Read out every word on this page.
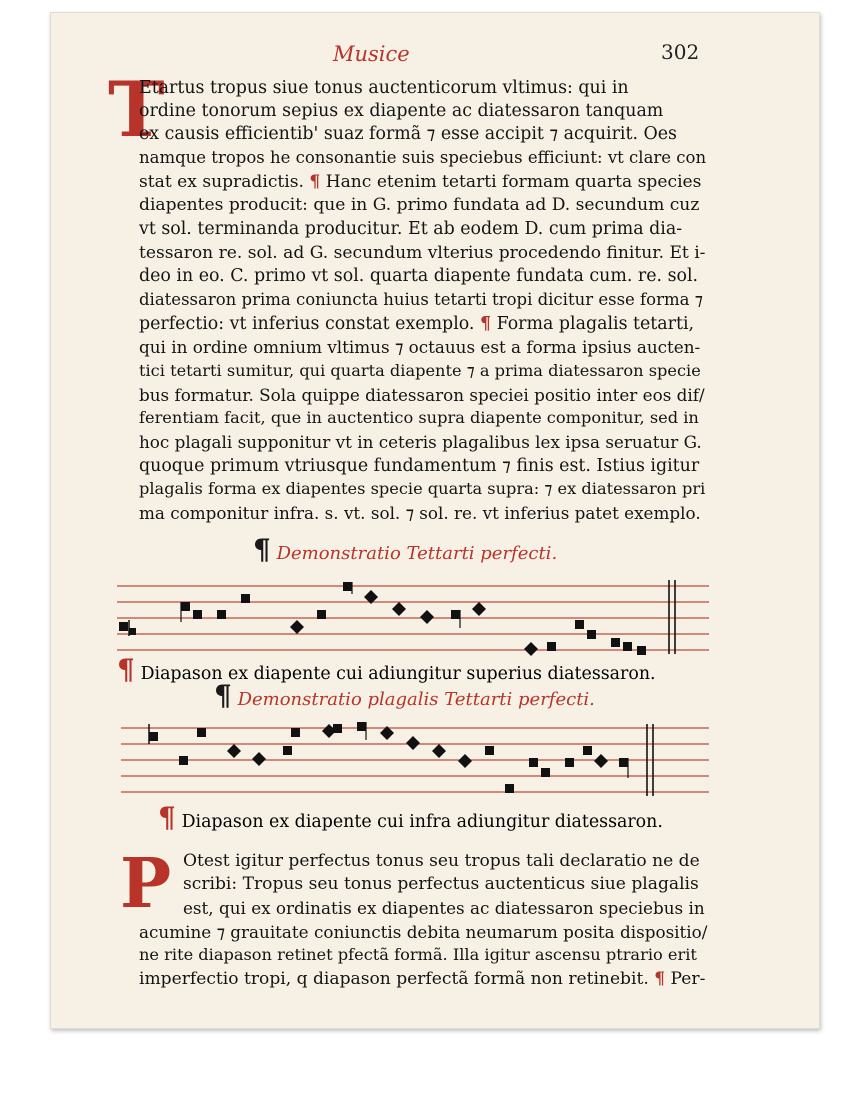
Musice	302
T
Etartus tropus siue tonus auctenticorum vltimus: qui in
ordine tonorum sepius ex diapente ac diatessaron tanquam
ex causis efficientib' suaz formã ⁊ esse accipit ⁊ acquirit. Oes
namque tropos he consonantie suis speciebus efficiunt: vt clare con
stat ex supradictis. ¶ Hanc etenim tetarti formam quarta species
diapentes producit: que in G. primo fundata ad D. secundum cuz
vt sol. terminanda producitur. Et ab eodem D. cum prima dia-
tessaron re. sol. ad G. secundum vlterius procedendo finitur. Et i-
deo in eo. C. primo vt sol. quarta diapente fundata cum. re. sol.
diatessaron prima coniuncta huius tetarti tropi dicitur esse forma ⁊
perfectio: vt inferius constat exemplo. ¶ Forma plagalis tetarti,
qui in ordine omnium vltimus ⁊ octauus est a forma ipsius aucten-
tici tetarti sumitur, qui quarta diapente ⁊ a prima diatessaron specie
bus formatur. Sola quippe diatessaron speciei positio inter eos dif/
ferentiam facit, que in auctentico supra diapente componitur, sed in
hoc plagali supponitur vt in ceteris plagalibus lex ipsa seruatur G.
quoque primum vtriusque fundamentum ⁊ finis est. Istius igitur
plagalis forma ex diapentes specie quarta supra: ⁊ ex diatessaron pri
ma componitur infra. s. vt. sol. ⁊ sol. re. vt inferius patet exemplo.
¶ Demonstratio Tettarti perfecti.
¶ Diapason ex diapente cui adiungitur superius diatessaron.
¶ Demonstratio plagalis Tettarti perfecti.
¶ Diapason ex diapente cui infra adiungitur diatessaron.
P Otest igitur perfectus tonus seu tropus tali declaratio ne de
scribi: Tropus seu tonus perfectus auctenticus siue plagalis
est, qui ex ordinatis ex diapentes ac diatessaron speciebus in
acumine ⁊ grauitate coniunctis debita neumarum posita dispositio/
ne rite diapason retinet pfectã formã. Illa igitur ascensu ptrario erit
imperfectio tropi, q diapason perfectã formã non retinebit. ¶ Per-
